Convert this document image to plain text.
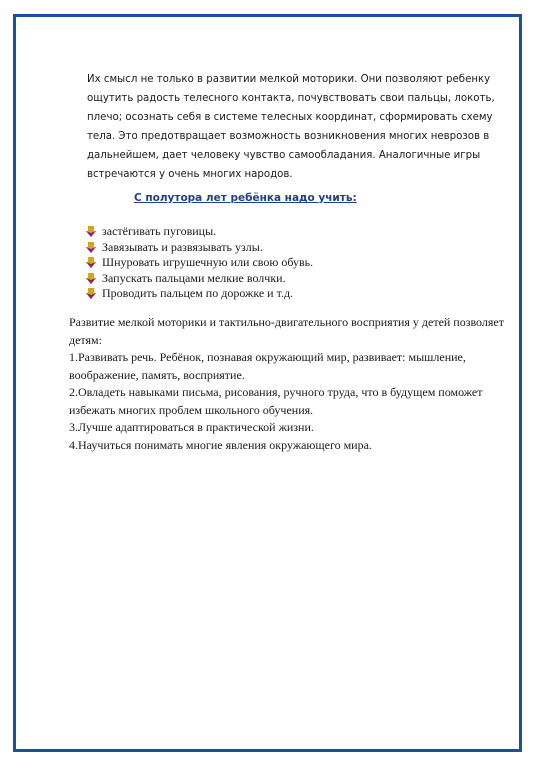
Их смысл не только в развитии мелкой моторики. Они позволяют ребенку ощутить радость телесного контакта, почувствовать свои пальцы, локоть, плечо; осознать себя в системе телесных координат, сформировать схему тела. Это предотвращает возможность возникновения многих неврозов в дальнейшем, дает человеку чувство самообладания. Аналогичные игры встречаются у очень многих народов.

С полутора лет ребёнка надо учить:

застёгивать пуговицы.
Завязывать и развязывать узлы.
Шнуровать игрушечную или свою обувь.
Запускать пальцами мелкие волчки.
Проводить пальцем по дорожке и т.д.

Развитие мелкой моторики и тактильно-двигательного восприятия у детей позволяет детям:

1.Развивать речь. Ребёнок, познавая окружающий мир, развивает: мышление, воображение, память, восприятие.

2.Овладеть навыками письма, рисования, ручного труда, что в будущем поможет избежать многих проблем школьного обучения.

3.Лучше адаптироваться в практической жизни.

4.Научиться понимать многие явления окружающего мира.
